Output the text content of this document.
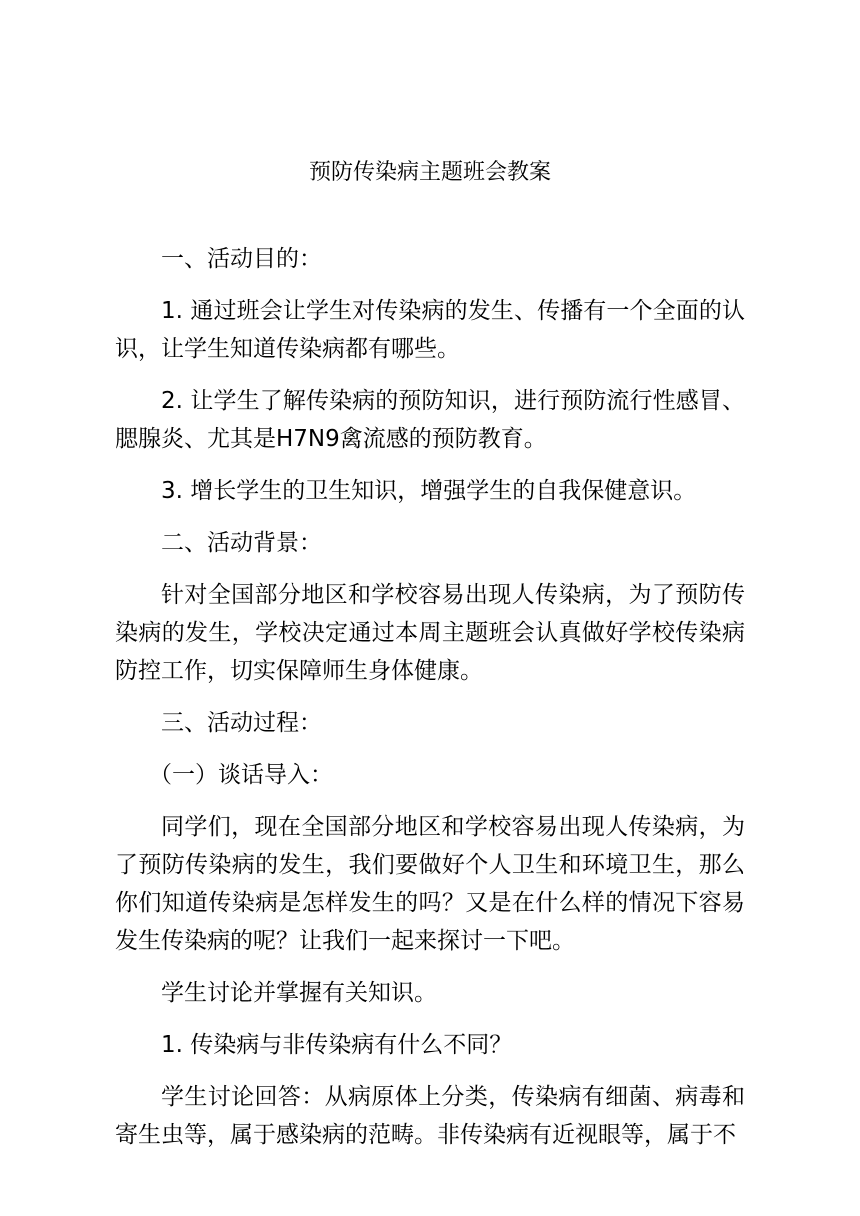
预防传染病主题班会教案

一、活动目的：

1. 通过班会让学生对传染病的发生、传播有一个全面的认识，让学生知道传染病都有哪些。

2. 让学生了解传染病的预防知识，进行预防流行性感冒、腮腺炎、尤其是H7N9禽流感的预防教育。

3. 增长学生的卫生知识，增强学生的自我保健意识。

二、活动背景：

针对全国部分地区和学校容易出现人传染病，为了预防传染病的发生，学校决定通过本周主题班会认真做好学校传染病防控工作，切实保障师生身体健康。

三、活动过程：

（一）谈话导入：

同学们，现在全国部分地区和学校容易出现人传染病，为了预防传染病的发生，我们要做好个人卫生和环境卫生，那么你们知道传染病是怎样发生的吗？又是在什么样的情况下容易发生传染病的呢？让我们一起来探讨一下吧。

学生讨论并掌握有关知识。

1. 传染病与非传染病有什么不同？

学生讨论回答：从病原体上分类，传染病有细菌、病毒和寄生虫等，属于感染病的范畴。非传染病有近视眼等，属于不
